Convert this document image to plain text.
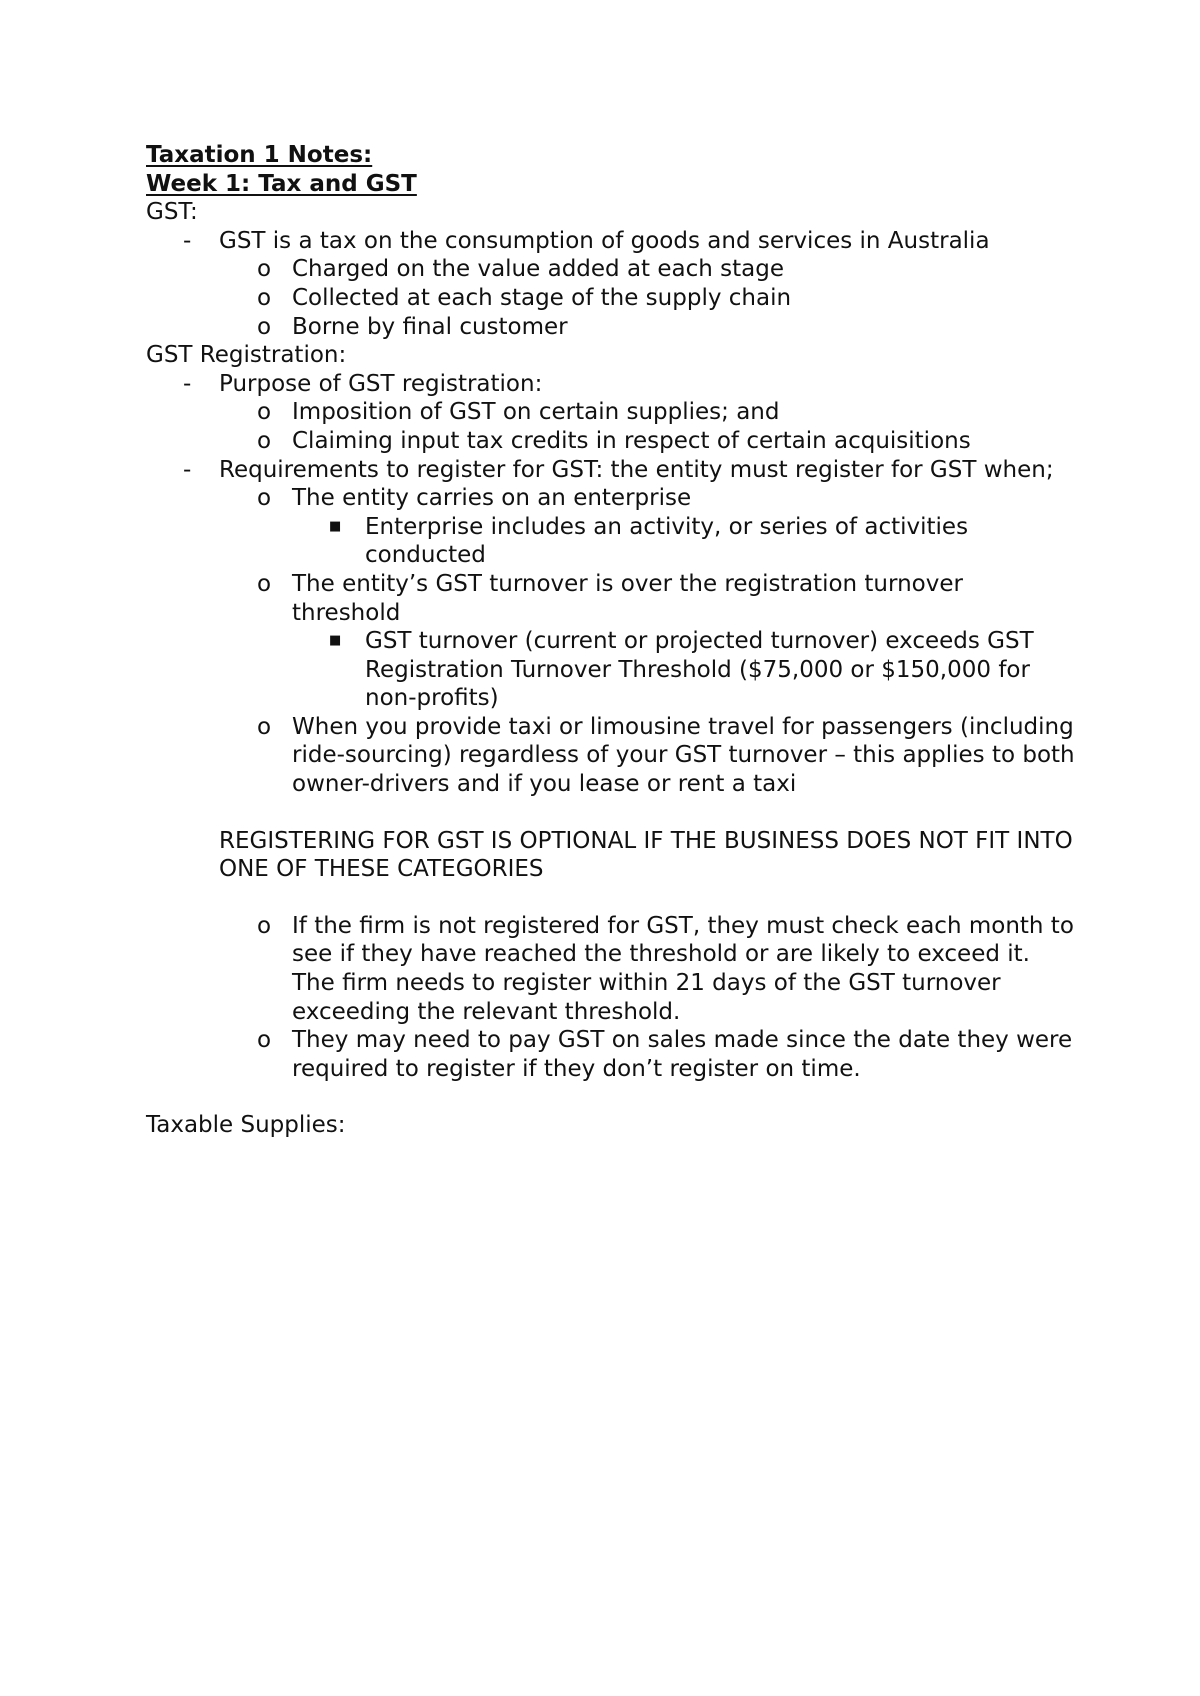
Taxation 1 Notes:
Week 1: Tax and GST
GST:
- GST is a tax on the consumption of goods and services in Australia
o Charged on the value added at each stage
o Collected at each stage of the supply chain
o Borne by final customer
GST Registration:
- Purpose of GST registration:
o Imposition of GST on certain supplies; and
o Claiming input tax credits in respect of certain acquisitions
- Requirements to register for GST: the entity must register for GST when;
o The entity carries on an enterprise
■ Enterprise includes an activity, or series of activities conducted
o The entity’s GST turnover is over the registration turnover threshold
■ GST turnover (current or projected turnover) exceeds GST Registration Turnover Threshold ($75,000 or $150,000 for non-profits)
o When you provide taxi or limousine travel for passengers (including ride-sourcing) regardless of your GST turnover – this applies to both owner-drivers and if you lease or rent a taxi
REGISTERING FOR GST IS OPTIONAL IF THE BUSINESS DOES NOT FIT INTO ONE OF THESE CATEGORIES
o If the firm is not registered for GST, they must check each month to see if they have reached the threshold or are likely to exceed it. The firm needs to register within 21 days of the GST turnover exceeding the relevant threshold.
o They may need to pay GST on sales made since the date they were required to register if they don’t register on time.
Taxable Supplies:
